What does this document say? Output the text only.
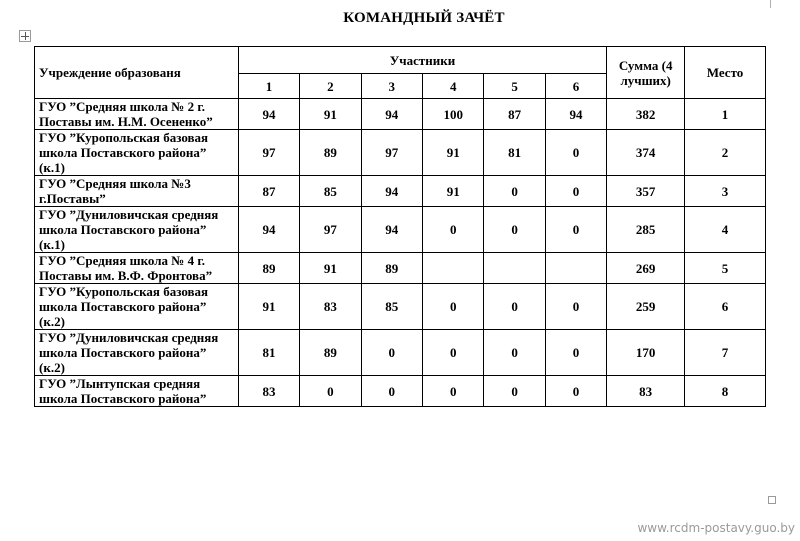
КОМАНДНЫЙ ЗАЧЁТ
Учреждение образованя	Участники						Сумма (4 лучших)	Место
	1	2	3	4	5	6		
ГУО ”Средняя школа № 2 г. Поставы им. Н.М. Осененко”	94	91	94	100	87	94	382	1
ГУО ”Куропольская базовая школа Поставского района” (к.1)	97	89	97	91	81	0	374	2
ГУО ”Средняя школа №3 г.Поставы”	87	85	94	91	0	0	357	3
ГУО ”Дуниловичская средняя школа Поставского района” (к.1)	94	97	94	0	0	0	285	4
ГУО ”Средняя школа № 4 г. Поставы им. В.Ф. Фронтова”	89	91	89				269	5
ГУО ”Куропольская базовая школа Поставского района” (к.2)	91	83	85	0	0	0	259	6
ГУО ”Дуниловичская средняя школа Поставского района” (к.2)	81	89	0	0	0	0	170	7
ГУО ”Лынтупская средняя школа Поставского района”	83	0	0	0	0	0	83	8
www.rcdm-postavy.guo.by
